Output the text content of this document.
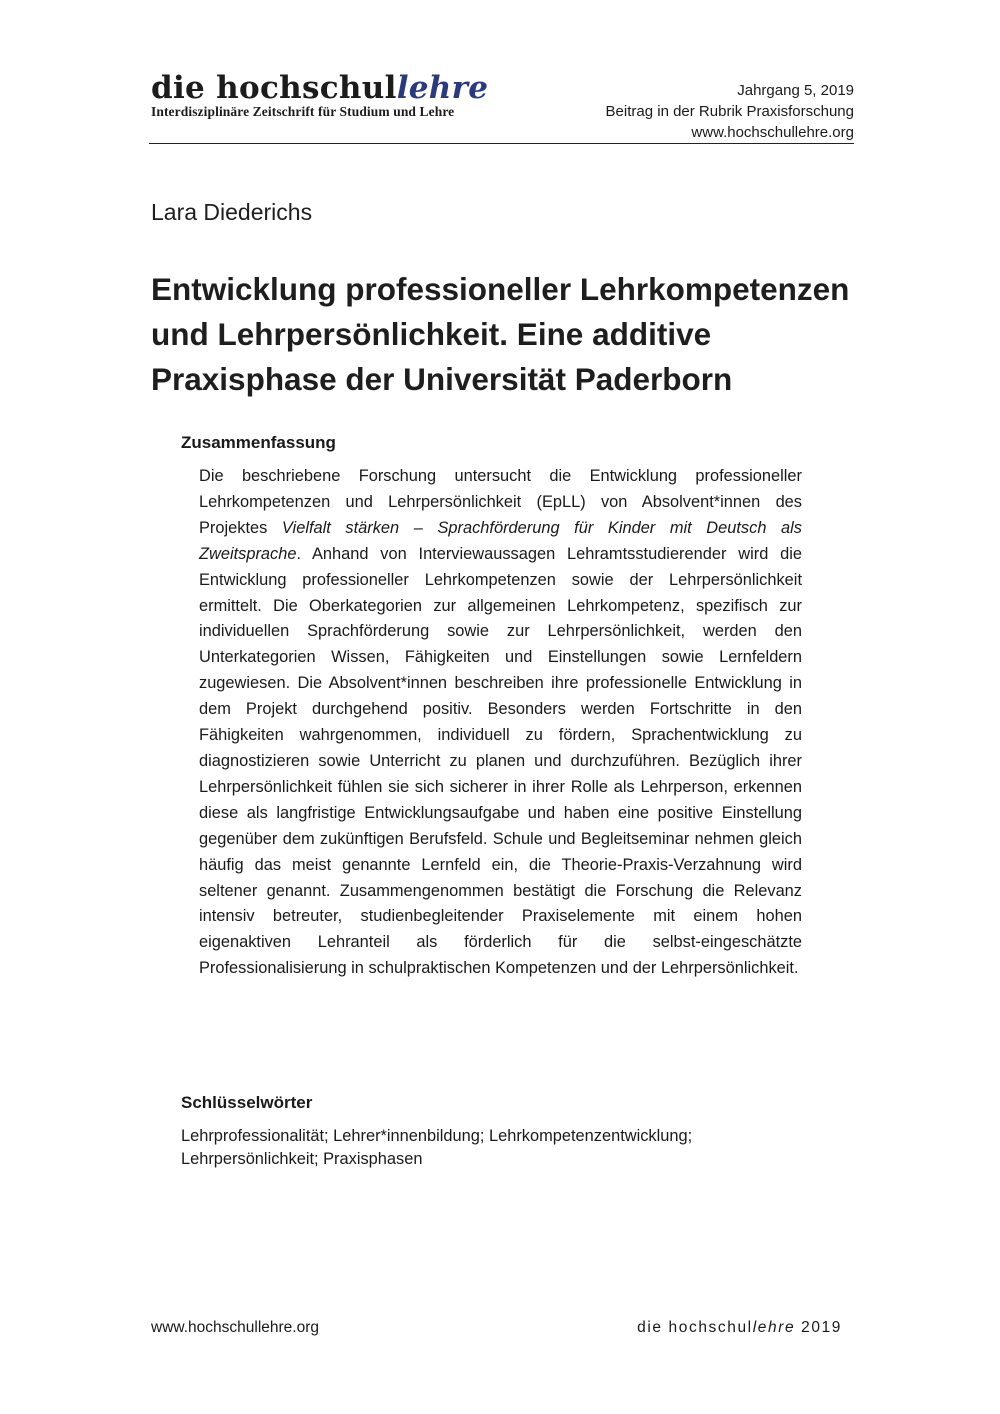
die hochschullehre
Interdisziplinäre Zeitschrift für Studium und Lehre
Jahrgang 5, 2019
Beitrag in der Rubrik Praxisforschung
www.hochschullehre.org
Lara Diederichs
Entwicklung professioneller Lehrkompetenzen und Lehrpersönlichkeit. Eine additive Praxisphase der Universität Paderborn
Zusammenfassung

Die beschriebene Forschung untersucht die Entwicklung professioneller Lehrkompetenzen und Lehrpersönlichkeit (EpLL) von Absolvent*innen des Projektes Vielfalt stärken – Sprachförderung für Kinder mit Deutsch als Zweitsprache. Anhand von Interviewaussagen Lehramtsstudierender wird die Entwicklung professioneller Lehrkompetenzen sowie der Lehrpersönlichkeit ermittelt. Die Oberkategorien zur allgemeinen Lehrkompetenz, spezifisch zur individuellen Sprachförderung sowie zur Lehrpersönlichkeit, werden den Unterkategorien Wissen, Fähigkeiten und Einstellungen sowie Lernfeldern zugewiesen. Die Absolvent*innen beschreiben ihre professionelle Entwicklung in dem Projekt durchgehend positiv. Besonders werden Fortschritte in den Fähigkeiten wahrgenommen, individuell zu fördern, Sprachentwicklung zu diagnostizieren sowie Unterricht zu planen und durchzuführen. Bezüglich ihrer Lehrpersönlichkeit fühlen sie sich sicherer in ihrer Rolle als Lehrperson, erkennen diese als langfristige Entwicklungsaufgabe und haben eine positive Einstellung gegenüber dem zukünftigen Berufsfeld. Schule und Begleitseminar nehmen gleich häufig das meist genannte Lernfeld ein, die Theorie-Praxis-Verzahnung wird seltener genannt. Zusammengenommen bestätigt die Forschung die Relevanz intensiv betreuter, studienbegleitender Praxiselemente mit einem hohen eigenaktiven Lehranteil als förderlich für die selbst-eingeschätzte Professionalisierung in schulpraktischen Kompetenzen und der Lehrpersönlichkeit.

Schlüsselwörter

Lehrprofessionalität; Lehrer*innenbildung; Lehrkompetenzentwicklung;
Lehrpersönlichkeit; Praxisphasen

www.hochschullehre.org	die hochschullehre 2019
